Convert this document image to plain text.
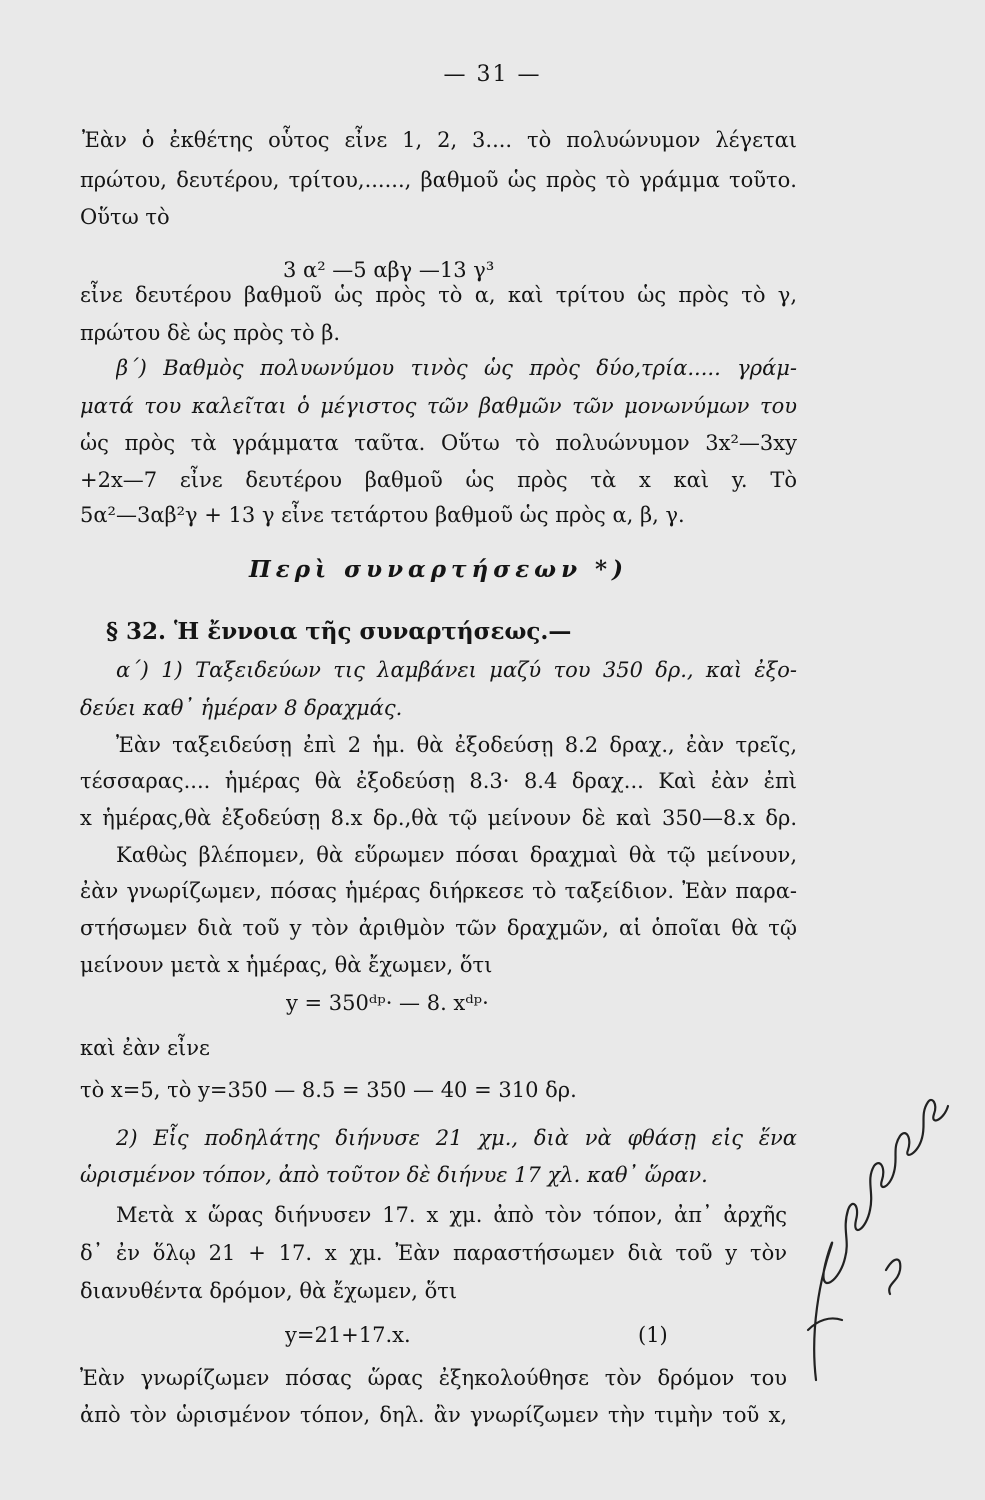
— 31 —
Ἐὰν ὁ ἐκθέτης οὗτος εἶνε 1, 2, 3.... τὸ πολυώνυμον λέγεται
πρώτου, δευτέρου, τρίτου,......, βαθμοῦ ὡς πρὸς τὸ γράμμα τοῦτο.
Οὕτω τὸ
3 α² —5 αβγ —13 γ³
εἶνε δευτέρου βαθμοῦ ὡς πρὸς τὸ α, καὶ τρίτου ὡς πρὸς τὸ γ,
πρώτου δὲ ὡς πρὸς τὸ β.
β΄) Βαθμὸς πολυωνύμου τινὸς ὡς πρὸς δύο,τρία..... γράμ-
ματά του καλεῖται ὁ μέγιστος τῶν βαθμῶν τῶν μονωνύμων του
ὡς πρὸς τὰ γράμματα ταῦτα. Οὕτω τὸ πολυώνυμον 3x²—3xy
+2x—7 εἶνε δευτέρου βαθμοῦ ὡς πρὸς τὰ x καὶ y. Τὸ
5α²—3αβ²γ + 13 γ εἶνε τετάρτου βαθμοῦ ὡς πρὸς α, β, γ.
Περὶ συναρτήσεων *)
§ 32. Ἡ ἔννοια τῆς συναρτήσεως.—
α΄) 1) Ταξειδεύων τις λαμβάνει μαζύ του 350 δρ., καὶ ἐξο-
δεύει καθ᾽ ἡμέραν 8 δραχμάς.
Ἐὰν ταξειδεύσῃ ἐπὶ 2 ἡμ. θὰ ἐξοδεύσῃ 8.2 δραχ., ἐὰν τρεῖς,
τέσσαρας.... ἡμέρας θὰ ἐξοδεύσῃ 8.3· 8.4 δραχ... Καὶ ἐὰν ἐπὶ
x ἡμέρας,θὰ ἐξοδεύσῃ 8.x δρ.,θὰ τῷ μείνουν δὲ καὶ 350—8.x δρ.
Καθὼς βλέπομεν, θὰ εὕρωμεν πόσαι δραχμαὶ θὰ τῷ μείνουν,
ἐὰν γνωρίζωμεν, πόσας ἡμέρας διήρκεσε τὸ ταξείδιον. Ἐὰν παρα-
στήσωμεν διὰ τοῦ y τὸν ἀριθμὸν τῶν δραχμῶν, αἱ ὁποῖαι θὰ τῷ
μείνουν μετὰ x ἡμέρας, θὰ ἔχωμεν, ὅτι
y = 350ᵈᵖ· — 8. xᵈᵖ·
καὶ ἐὰν εἶνε
τὸ x=5, τὸ y=350 — 8.5 = 350 — 40 = 310 δρ.
2) Εἷς ποδηλάτης διήνυσε 21 χμ., διὰ νὰ φθάσῃ εἰς ἕνα
ὡρισμένον τόπον, ἀπὸ τοῦτον δὲ διήνυε 17 χλ. καθ᾽ ὥραν.
Μετὰ x ὥρας διήνυσεν 17. x χμ. ἀπὸ τὸν τόπον, ἀπ᾽ ἀρχῆς
δ᾽ ἐν ὅλῳ 21 + 17. x χμ. Ἐὰν παραστήσωμεν διὰ τοῦ y τὸν
διανυθέντα δρόμον, θὰ ἔχωμεν, ὅτι
y=21+17.x.	(1)
Ἐὰν γνωρίζωμεν πόσας ὥρας ἐξηκολούθησε τὸν δρόμον του
ἀπὸ τὸν ὡρισμένον τόπον, δηλ. ἂν γνωρίζωμεν τὴν τιμὴν τοῦ x,
